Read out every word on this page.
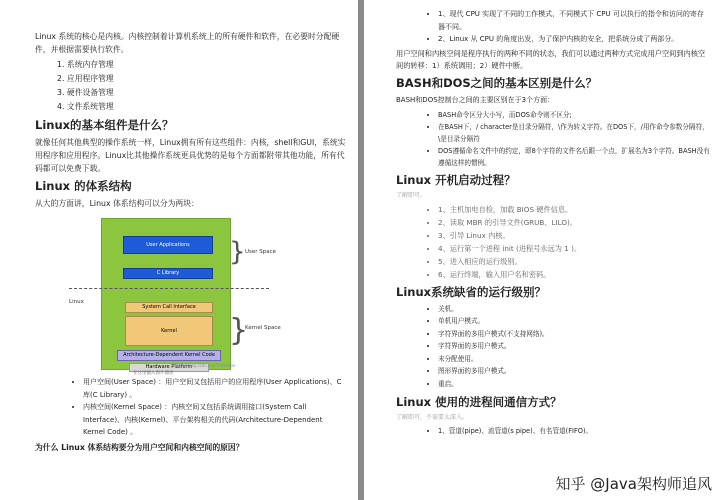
Linux 系统的核心是内核。内核控制着计算机系统上的所有硬件和软件，在必要时分配硬件，并根据需要执行软件。

1. 系统内存管理
2. 应用程序管理
3. 硬件设备管理
4. 文件系统管理
Linux的基本组件是什么？

就像任何其他典型的操作系统一样，Linux拥有所有这些组件：内核，shell和GUI，系统实用程序和应用程序。Linux比其他操作系统更具优势的是每个方面都附带其他功能，所有代码都可以免费下载。

Linux 的体系结构

从大的方面讲，Linux 体系结构可以分为两块：

User Applications
C Library
System Call Interface
Kernel
Architecture-Dependent Kernel Code
Hardware Platform
Linux
User Space
Kernel Space
}
}
在这里插入图片描述
https://blog.csdn.net/ThinkWon
• 用户空间(User Space) ：用户空间又包括用户的应用程序(User Applications)、C 库(C Library) 。
• 内核空间(Kernel Space) ：内核空间又包括系统调用接口(System Call Interface)、内核(Kernel)、平台架构相关的代码(Architecture-Dependent Kernel Code) 。

为什么 Linux 体系结构要分为用户空间和内核空间的原因？

• 1、现代 CPU 实现了不同的工作模式，不同模式下 CPU 可以执行的指令和访问的寄存器不同。
• 2、Linux 从 CPU 的角度出发，为了保护内核的安全，把系统分成了两部分。

用户空间和内核空间是程序执行的两种不同的状态，我们可以通过两种方式完成用户空间到内核空间的转移：1）系统调用；2）硬件中断。

BASH和DOS之间的基本区别是什么？

BASH和DOS控制台之间的主要区别在于3个方面：

• BASH命令区分大小写，而DOS命令则不区分;
• 在BASH下，/ character是目录分隔符，\作为转义字符。在DOS下，/用作命令参数分隔符，\是目录分隔符
• DOS遵循命名文件中的约定，即8个字符的文件名后跟一个点，扩展名为3个字符。BASH没有遵循这样的惯例。
Linux 开机启动过程？

了解即可。

• 1、主机加电自检，加载 BIOS 硬件信息。
• 2、读取 MBR 的引导文件(GRUB、LILO)。
• 3、引导 Linux 内核。
• 4、运行第一个进程 init (进程号永远为 1 )。
• 5、进入相应的运行级别。
• 6、运行终端，输入用户名和密码。
Linux系统缺省的运行级别？
• 关机。
• 单机用户模式。
• 字符界面的多用户模式(不支持网络)。
• 字符界面的多用户模式。
• 未分配使用。
• 图形界面的多用户模式。
• 重启。
Linux 使用的进程间通信方式？

了解即可，不需要太深入。

• 1、管道(pipe)、流管道(s pipe)、有名管道(FIFO)。
知乎 @Java架构师追风
